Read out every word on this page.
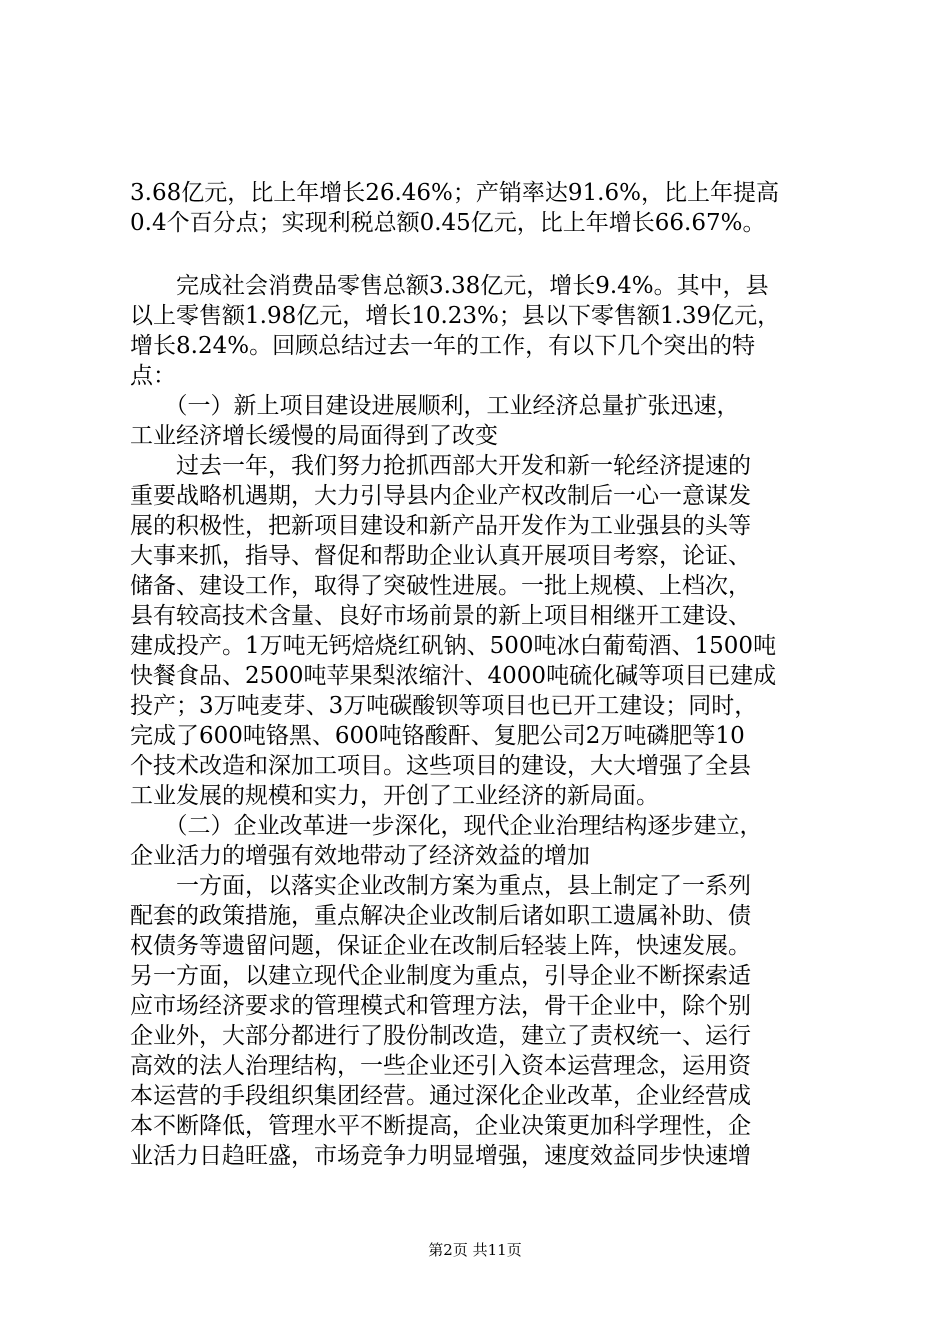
3.68亿元，比上年增长26.46%；产销率达91.6%，比上年提高
0.4个百分点；实现利税总额0.45亿元，比上年增长66.67%。
　　完成社会消费品零售总额3.38亿元，增长9.4%。其中，县
以上零售额1.98亿元，增长10.23%；县以下零售额1.39亿元，
增长8.24%。回顾总结过去一年的工作，有以下几个突出的特
点：
　　（一）新上项目建设进展顺利，工业经济总量扩张迅速，
工业经济增长缓慢的局面得到了改变
　　过去一年，我们努力抢抓西部大开发和新一轮经济提速的
重要战略机遇期，大力引导县内企业产权改制后一心一意谋发
展的积极性，把新项目建设和新产品开发作为工业强县的头等
大事来抓，指导、督促和帮助企业认真开展项目考察，论证、
储备、建设工作，取得了突破性进展。一批上规模、上档次，
县有较高技术含量、良好市场前景的新上项目相继开工建设、
建成投产。1万吨无钙焙烧红矾钠、500吨冰白葡萄酒、1500吨
快餐食品、2500吨苹果梨浓缩汁、4000吨硫化碱等项目已建成
投产；3万吨麦芽、3万吨碳酸钡等项目也已开工建设；同时，
完成了600吨铬黑、600吨铬酸酐、复肥公司2万吨磷肥等10
个技术改造和深加工项目。这些项目的建设，大大增强了全县
工业发展的规模和实力，开创了工业经济的新局面。
　　（二）企业改革进一步深化，现代企业治理结构逐步建立，
企业活力的增强有效地带动了经济效益的增加
　　一方面，以落实企业改制方案为重点，县上制定了一系列
配套的政策措施，重点解决企业改制后诸如职工遗属补助、债
权债务等遗留问题，保证企业在改制后轻装上阵，快速发展。
另一方面，以建立现代企业制度为重点，引导企业不断探索适
应市场经济要求的管理模式和管理方法，骨干企业中，除个别
企业外，大部分都进行了股份制改造，建立了责权统一、运行
高效的法人治理结构，一些企业还引入资本运营理念，运用资
本运营的手段组织集团经营。通过深化企业改革，企业经营成
本不断降低，管理水平不断提高，企业决策更加科学理性，企
业活力日趋旺盛，市场竞争力明显增强，速度效益同步快速增
第2页 共11页
